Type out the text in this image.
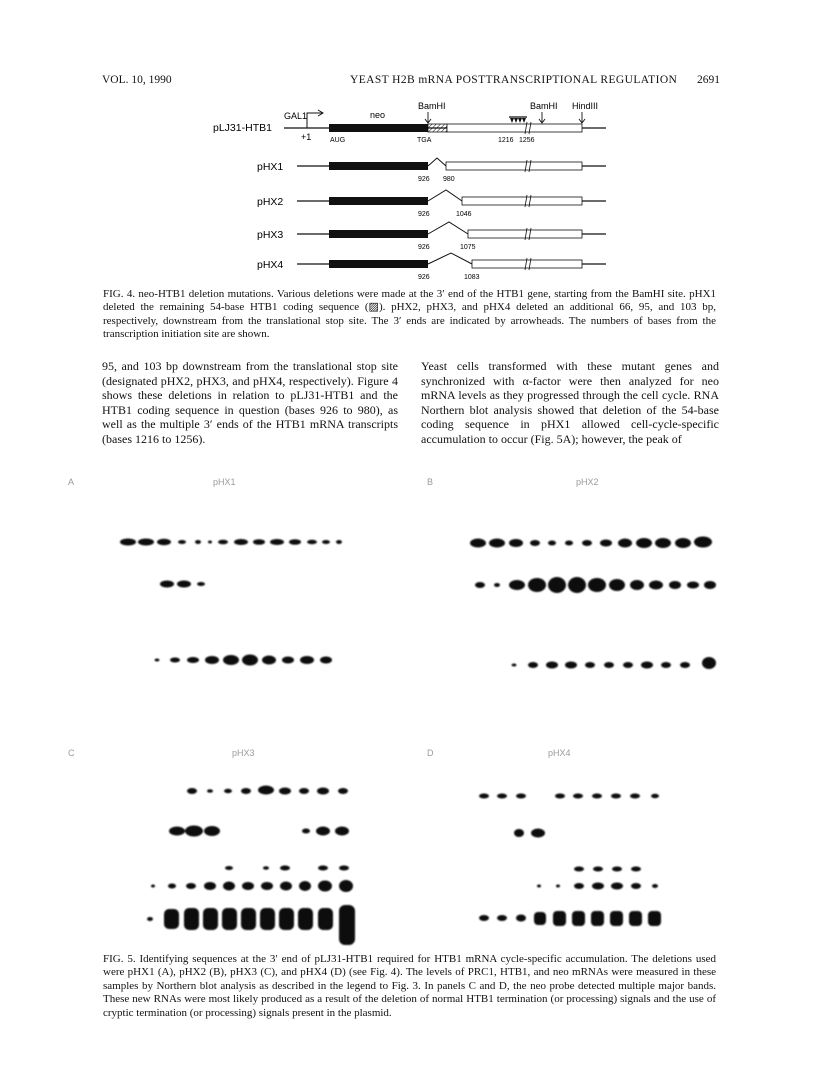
VOL. 10, 1990	YEAST H2B mRNA POSTTRANSCRIPTIONAL REGULATION 2691
pLJ31-HTB1
GAL1
+1
neo
AUG	TGA
BamHI	BamHI HindIII
1216 1256
pHX1
926 980
pHX2
926	1046
pHX3
926	1075
pHX4
926	1083
FIG. 4. neo-HTB1 deletion mutations. Various deletions were made at the 3′ end of the HTB1 gene, starting from the BamHI site. pHX1 deleted the remaining 54-base HTB1 coding sequence (▨). pHX2, pHX3, and pHX4 deleted an additional 66, 95, and 103 bp, respectively, downstream from the translational stop site. The 3′ ends are indicated by arrowheads. The numbers of bases from the transcription initiation site are shown.
95, and 103 bp downstream from the translational stop site (designated pHX2, pHX3, and pHX4, respectively). Figure 4 shows these deletions in relation to pLJ31-HTB1 and the HTB1 coding sequence in question (bases 926 to 980), as well as the multiple 3′ ends of the HTB1 mRNA transcripts (bases 1216 to 1256).
Yeast cells transformed with these mutant genes and synchronized with α-factor were then analyzed for neo mRNA levels as they progressed through the cell cycle. RNA Northern blot analysis showed that deletion of the 54-base coding sequence in pHX1 allowed cell-cycle-specific accumulation to occur (Fig. 5A); however, the peak of
pHX1
A	pHX2
B
pHX3
C	pHX4
D
FIG. 5. Identifying sequences at the 3′ end of pLJ31-HTB1 required for HTB1 mRNA cycle-specific accumulation. The deletions used were pHX1 (A), pHX2 (B), pHX3 (C), and pHX4 (D) (see Fig. 4). The levels of PRC1, HTB1, and neo mRNAs were measured in these samples by Northern blot analysis as described in the legend to Fig. 3. In panels C and D, the neo probe detected multiple major bands. These new RNAs were most likely produced as a result of the deletion of normal HTB1 termination (or processing) signals and the use of cryptic termination (or processing) signals present in the plasmid.
